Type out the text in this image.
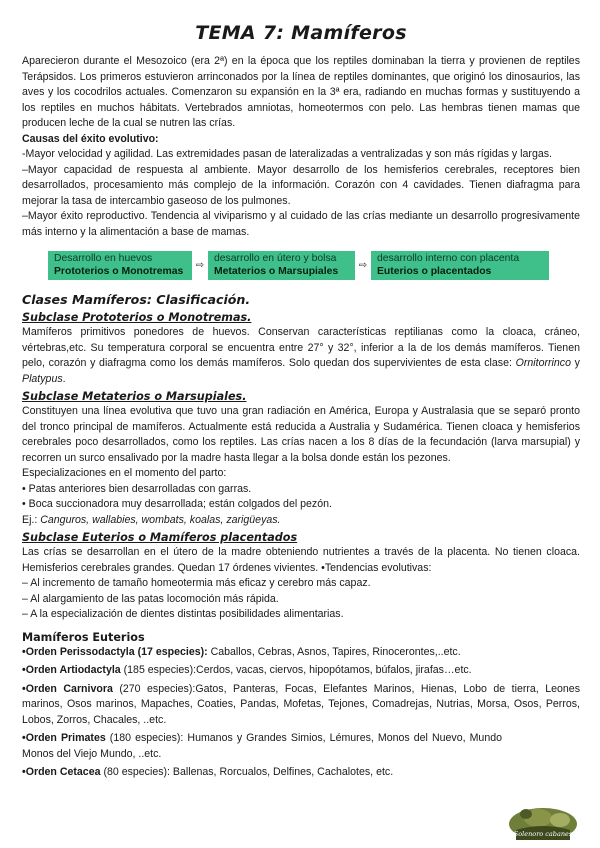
TEMA 7: Mamíferos

Aparecieron durante el Mesozoico (era 2ª) en la época que los reptiles dominaban la tierra y provienen de reptiles Terápsidos. Los primeros estuvieron arrinconados por la línea de reptiles dominantes, que originó los dinosaurios, las aves y los cocodrilos actuales. Comenzaron su expansión en la 3ª era, radiando en muchas formas y sustituyendo a los reptiles en muchos hábitats. Vertebrados amniotas, homeotermos con pelo. Las hembras tienen mamas que producen leche de la cual se nutren las crías.

Causas del éxito evolutivo:

-Mayor velocidad y agilidad. Las extremidades pasan de lateralizadas a ventralizadas y son más rígidas y largas.

–Mayor capacidad de respuesta al ambiente. Mayor desarrollo de los hemisferios cerebrales, receptores bien desarrollados, procesamiento más complejo de la información. Corazón con 4 cavidades. Tienen diafragma para mejorar la tasa de intercambio gaseoso de los pulmones.

–Mayor éxito reproductivo. Tendencia al viviparismo y al cuidado de las crías mediante un desarrollo progresivamente más interno y la alimentación a base de mamas.

Desarrollo en huevos
Prototerios o Monotremas
⇨
desarrollo en útero y bolsa
Metaterios o Marsupiales
⇨
desarrollo interno con placenta
Euterios o placentados
Clases Mamíferos: Clasificación.
Subclase Prototerios o Monotremas.

Mamíferos primitivos ponedores de huevos. Conservan características reptilianas como la cloaca, cráneo, vértebras,etc. Su temperatura corporal se encuentra entre 27° y 32°, inferior a la de los demás mamíferos. Tienen pelo, corazón y diafragma como los demás mamíferos. Solo quedan dos supervivientes de esta clase: Ornitorrinco y Platypus.

Subclase Metaterios o Marsupiales.

Constituyen una línea evolutiva que tuvo una gran radiación en América, Europa y Australasia que se separó pronto del tronco principal de mamíferos. Actualmente está reducida a Australia y Sudamérica. Tienen cloaca y hemisferios cerebrales poco desarrollados, como los reptiles. Las crías nacen a los 8 días de la fecundación (larva marsupial) y recorren un surco ensalivado por la madre hasta llegar a la bolsa donde están los pezones.

Especializaciones en el momento del parto:

• Patas anteriores bien desarrolladas con garras.

• Boca succionadora muy desarrollada; están colgados del pezón.

Ej.: Canguros, wallabies, wombats, koalas, zarigüeyas.

Subclase Euterios o Mamíferos placentados

Las crías se desarrollan en el útero de la madre obteniendo nutrientes a través de la placenta. No tienen cloaca. Hemisferios cerebrales grandes. Quedan 17 órdenes vivientes. •Tendencias evolutivas:

– Al incremento de tamaño homeotermia más eficaz y cerebro más capaz.

– Al alargamiento de las patas locomoción más rápida.

– A la especialización de dientes distintas posibilidades alimentarias.

Mamíferos Euterios

•Orden Perissodactyla (17 especies): Caballos, Cebras, Asnos, Tapires, Rinocerontes,..etc.

•Orden Artiodactyla (185 especies):Cerdos, vacas, ciervos, hipopótamos, búfalos, jirafas…etc.

•Orden Carnivora (270 especies):Gatos, Panteras, Focas, Elefantes Marinos, Hienas, Lobo de tierra, Leones marinos, Osos marinos, Mapaches, Coaties, Pandas, Mofetas, Tejones, Comadrejas, Nutrias, Morsa, Osos, Perros, Lobos, Zorros, Chacales, ..etc.

•Orden Primates (180 especies): Humanos y Grandes Simios, Lémures, Monos del Nuevo, Mundo Monos del Viejo Mundo, ..etc.

•Orden Cetacea (80 especies): Ballenas, Rorcualos, Delfines, Cachalotes, etc.

Solenoro cabanes
